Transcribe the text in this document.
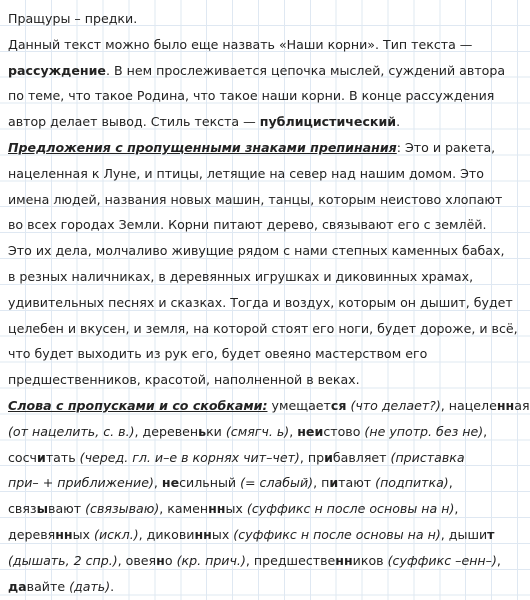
Пращуры – предки.
Данный текст можно было еще назвать «Наши корни». Тип текста —
рассуждение. В нем прослеживается цепочка мыслей, суждений автора
по теме, что такое Родина, что такое наши корни. В конце рассуждения
автор делает вывод. Стиль текста — публицистический.
Предложения с пропущенными знаками препинания: Это и ракета,
нацеленная к Луне, и птицы, летящие на север над нашим домом. Это
имена людей, названия новых машин, танцы, которым неистово хлопают
во всех городах Земли. Корни питают дерево, связывают его с землёй.
Это их дела, молчаливо живущие рядом с нами степных каменных бабах,
в резных наличниках, в деревянных игрушках и диковинных храмах,
удивительных песнях и сказках. Тогда и воздух, которым он дышит, будет
целебен и вкусен, и земля, на которой стоят его ноги, будет дороже, и всё,
что будет выходить из рук его, будет овеяно мастерством его
предшественников, красотой, наполненной в веках.
Слова с пропусками и со скобками: умещается (что делает?), нацеленная
(от нацелить, с. в.), деревеньки (смягч. ь), неистово (не употр. без не),
сосчитать (черед. гл. и–е в корнях чит–чет), прибавляет (приставка
при– + приближение), несильный (= слабый), питают (подпитка),
связывают (связываю), каменнных (суффикс н после основы на н),
деревянных (искл.), диковинных (суффикс н после основы на н), дышит
(дышать, 2 спр.), овеяно (кр. прич.), предшественников (суффикс –енн–),
давайте (дать).
